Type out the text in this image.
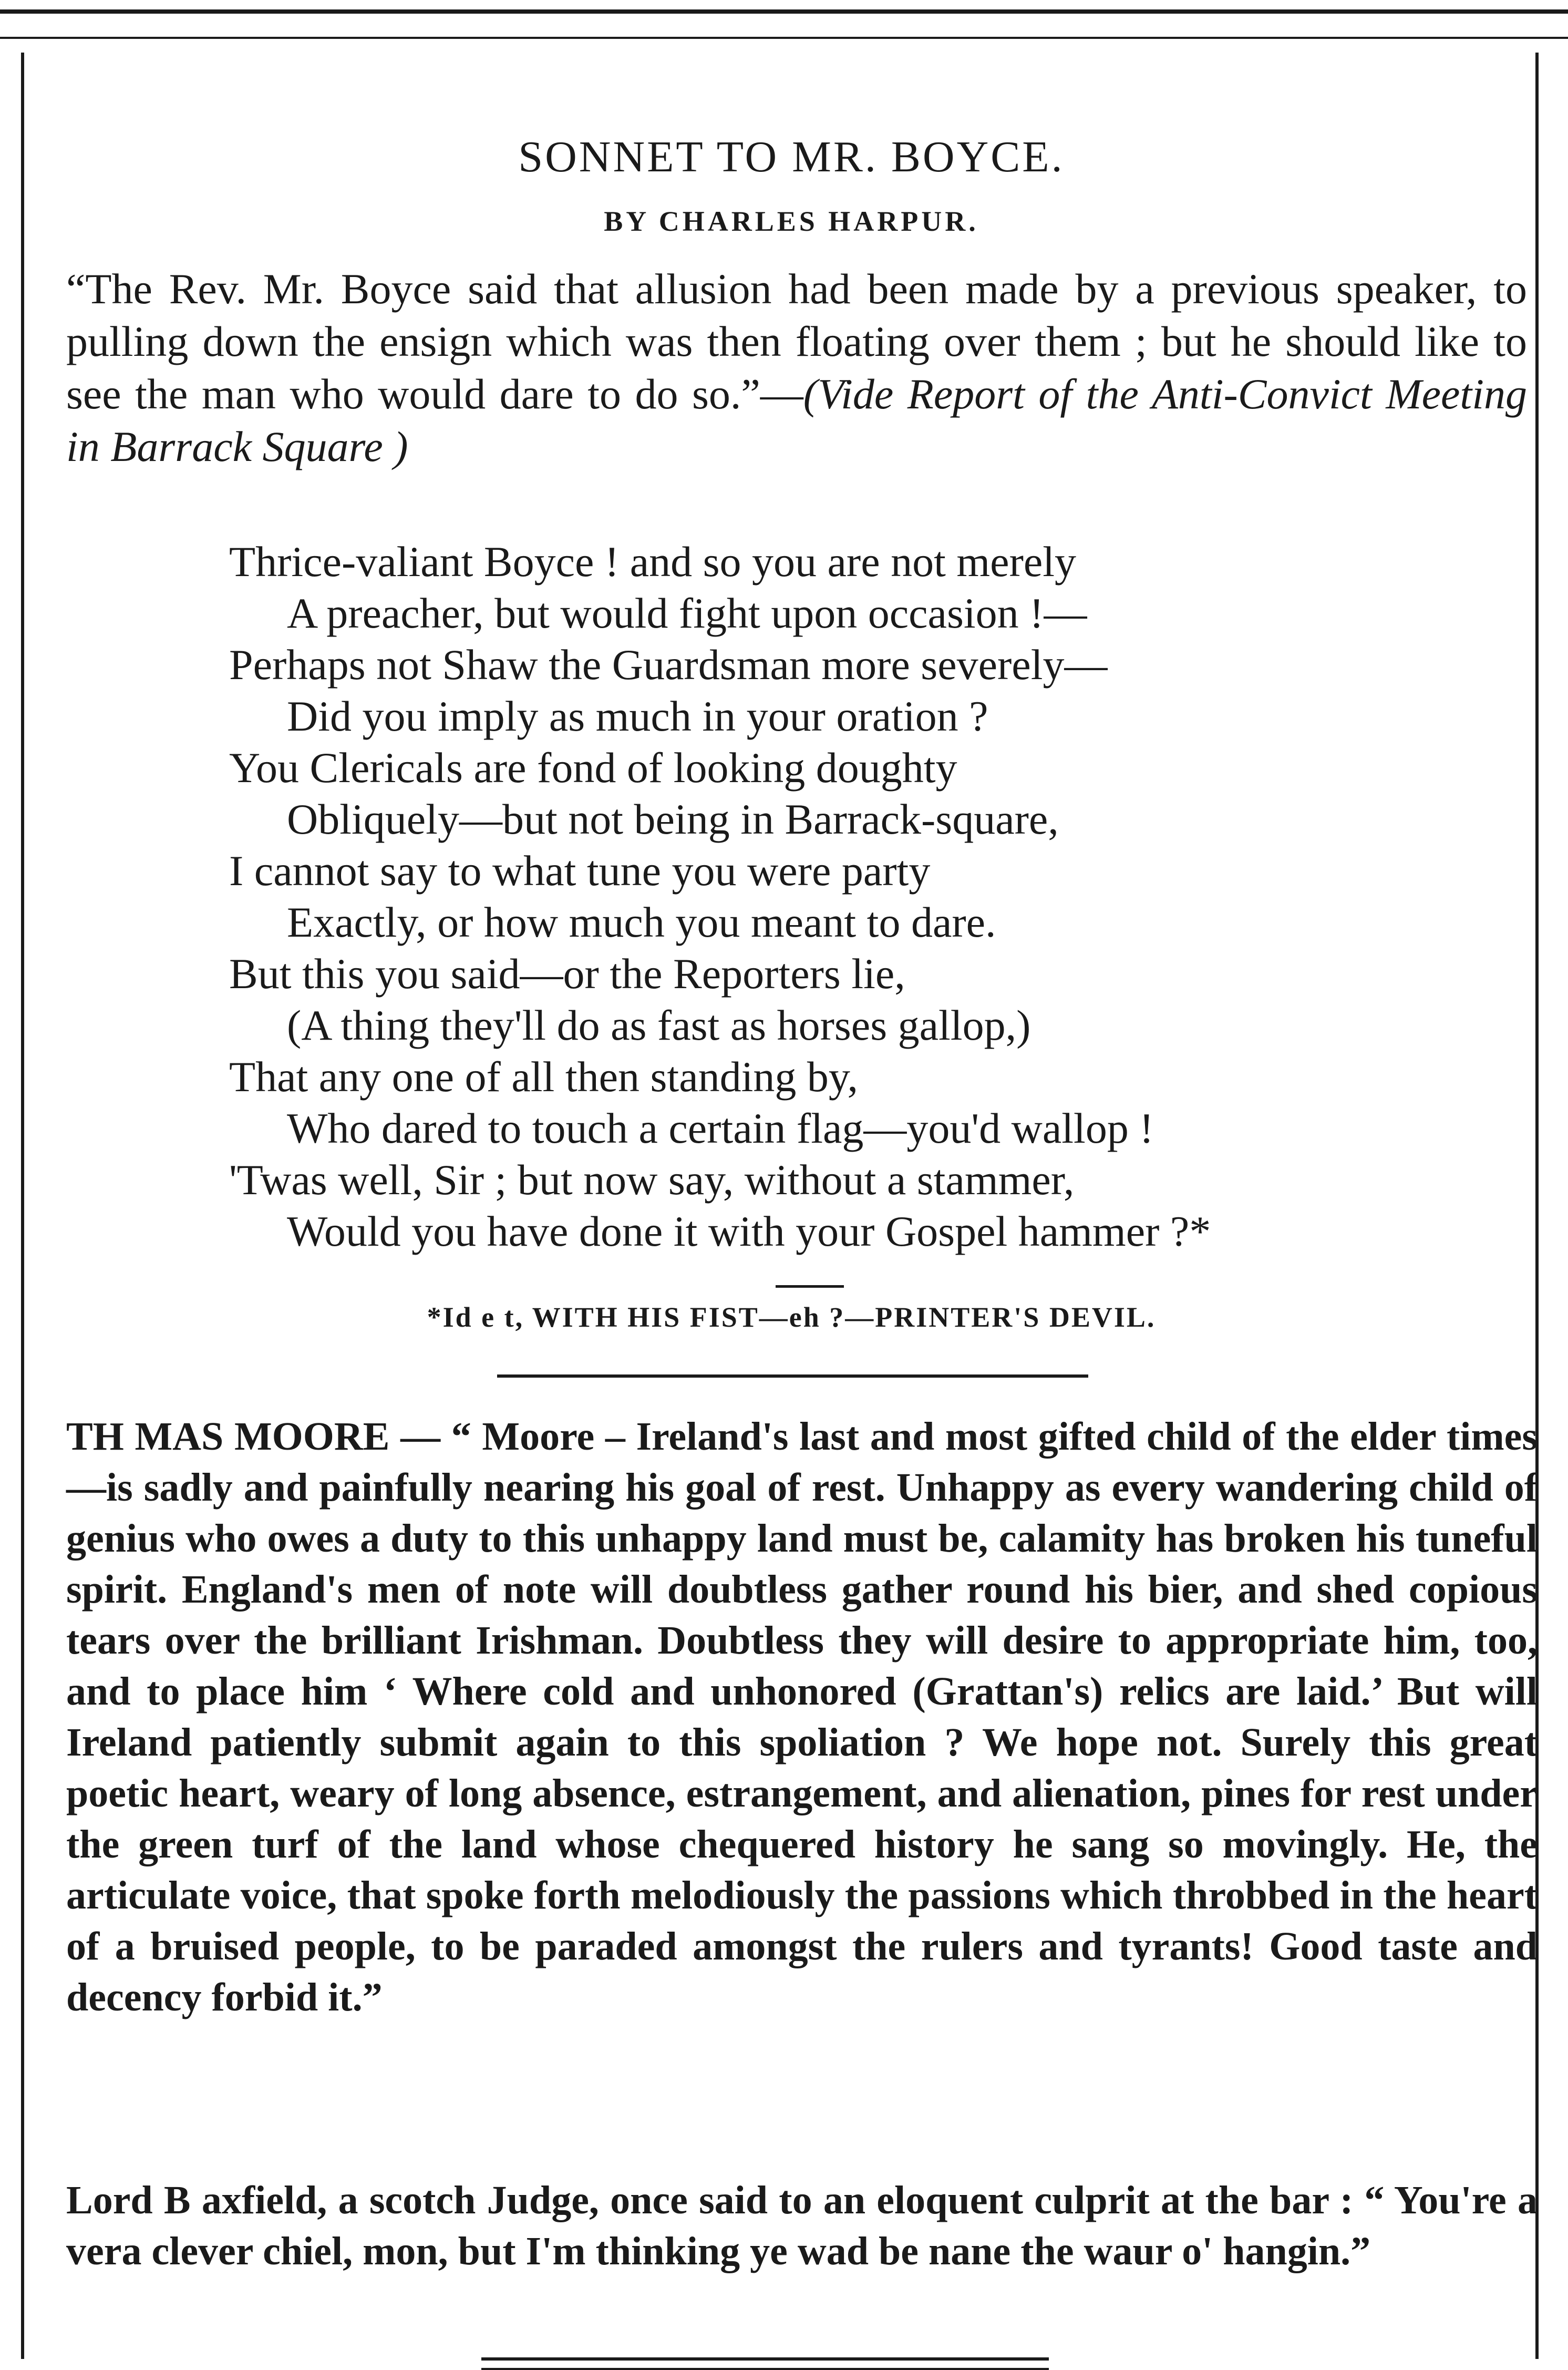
SONNET TO MR. BOYCE.
BY CHARLES HARPUR.
“The Rev. Mr. Boyce said that allusion had been made by a previous speaker, to pulling down the ensign which was then floating over them ; but he should like to see the man who would dare to do so.”—(Vide Report of the Anti-Convict Meeting in Barrack Square )
Thrice-valiant Boyce ! and so you are not merely
A preacher, but would fight upon occasion !—
Perhaps not Shaw the Guardsman more severely—
Did you imply as much in your oration ?
You Clericals are fond of looking doughty
Obliquely—but not being in Barrack-square,
I cannot say to what tune you were party
Exactly, or how much you meant to dare.
But this you said—or the Reporters lie,
(A thing they'll do as fast as horses gallop,)
That any one of all then standing by,
Who dared to touch a certain flag—you'd wallop !
'Twas well, Sir ; but now say, without a stammer,
Would you have done it with your Gospel hammer ?*
*Id e t, WITH HIS FIST—eh ?—PRINTER'S DEVIL.
TH MAS MOORE — “ Moore – Ireland's last and most gifted child of the elder times—is sadly and painfully nearing his goal of rest. Unhappy as every wandering child of genius who owes a duty to this unhappy land must be, calamity has broken his tuneful spirit. England's men of note will doubtless gather round his bier, and shed copious tears over the brilliant Irishman. Doubtless they will desire to appropriate him, too, and to place him ‘ Where cold and unhonored (Grattan's) relics are laid.’ But will Ireland patiently submit again to this spoliation ? We hope not. Surely this great poetic heart, weary of long absence, estrangement, and alienation, pines for rest under the green turf of the land whose chequered history he sang so movingly. He, the articulate voice, that spoke forth melodiously the passions which throbbed in the heart of a bruised people, to be paraded amongst the rulers and tyrants! Good taste and decency forbid it.”
Lord B axfield, a scotch Judge, once said to an eloquent culprit at the bar : “ You're a vera clever chiel, mon, but I'm thinking ye wad be nane the waur o' hangin.”
